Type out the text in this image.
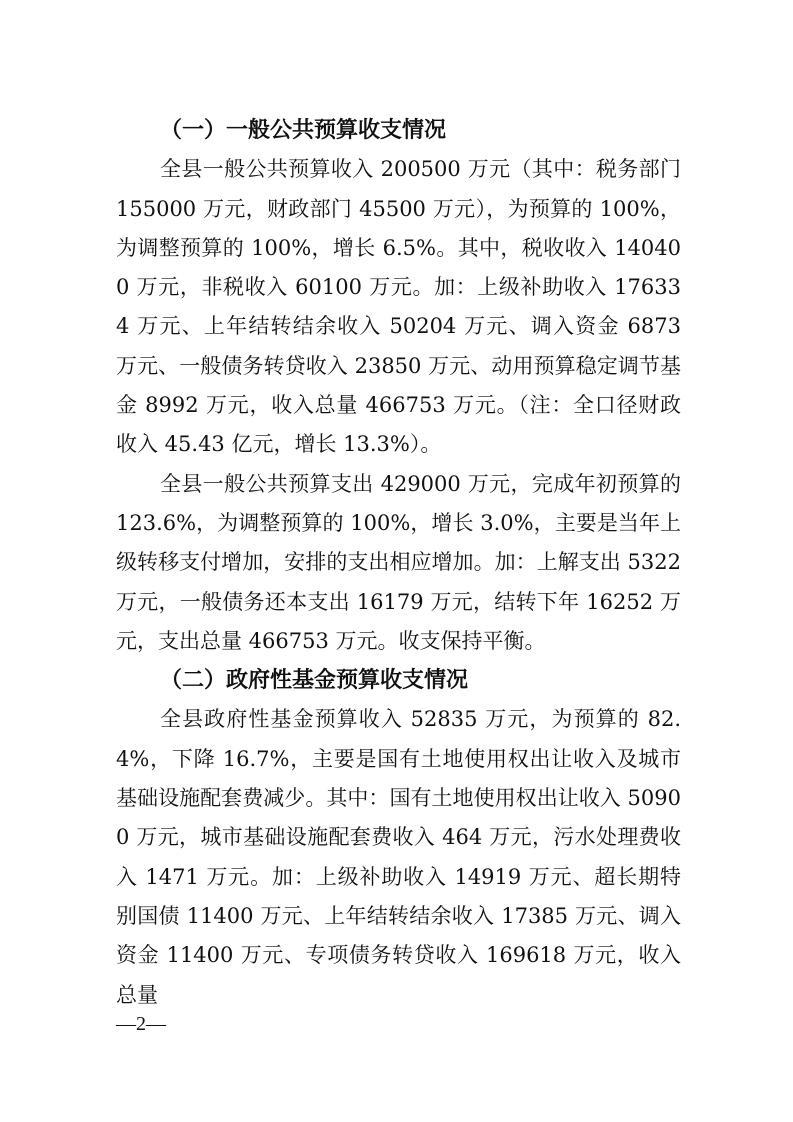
（一）一般公共预算收支情况

全县一般公共预算收入 200500 万元（其中：税务部门 155000 万元，财政部门 45500 万元），为预算的 100%，为调整预算的 100%，增长 6.5%。其中，税收收入 140400 万元，非税收入 60100 万元。加：上级补助收入 176334 万元、上年结转结余收入 50204 万元、调入资金 6873 万元、一般债务转贷收入 23850 万元、动用预算稳定调节基金 8992 万元，收入总量 466753 万元。（注：全口径财政收入 45.43 亿元，增长 13.3%）。

全县一般公共预算支出 429000 万元，完成年初预算的 123.6%，为调整预算的 100%，增长 3.0%，主要是当年上级转移支付增加，安排的支出相应增加。加：上解支出 5322 万元，一般债务还本支出 16179 万元，结转下年 16252 万元，支出总量 466753 万元。收支保持平衡。

（二）政府性基金预算收支情况

全县政府性基金预算收入 52835 万元，为预算的 82.4%，下降 16.7%，主要是国有土地使用权出让收入及城市基础设施配套费减少。其中：国有土地使用权出让收入 50900 万元，城市基础设施配套费收入 464 万元，污水处理费收入 1471 万元。加：上级补助收入 14919 万元、超长期特别国债 11400 万元、上年结转结余收入 17385 万元、调入资金 11400 万元、专项债务转贷收入 169618 万元，收入总量

—2—
